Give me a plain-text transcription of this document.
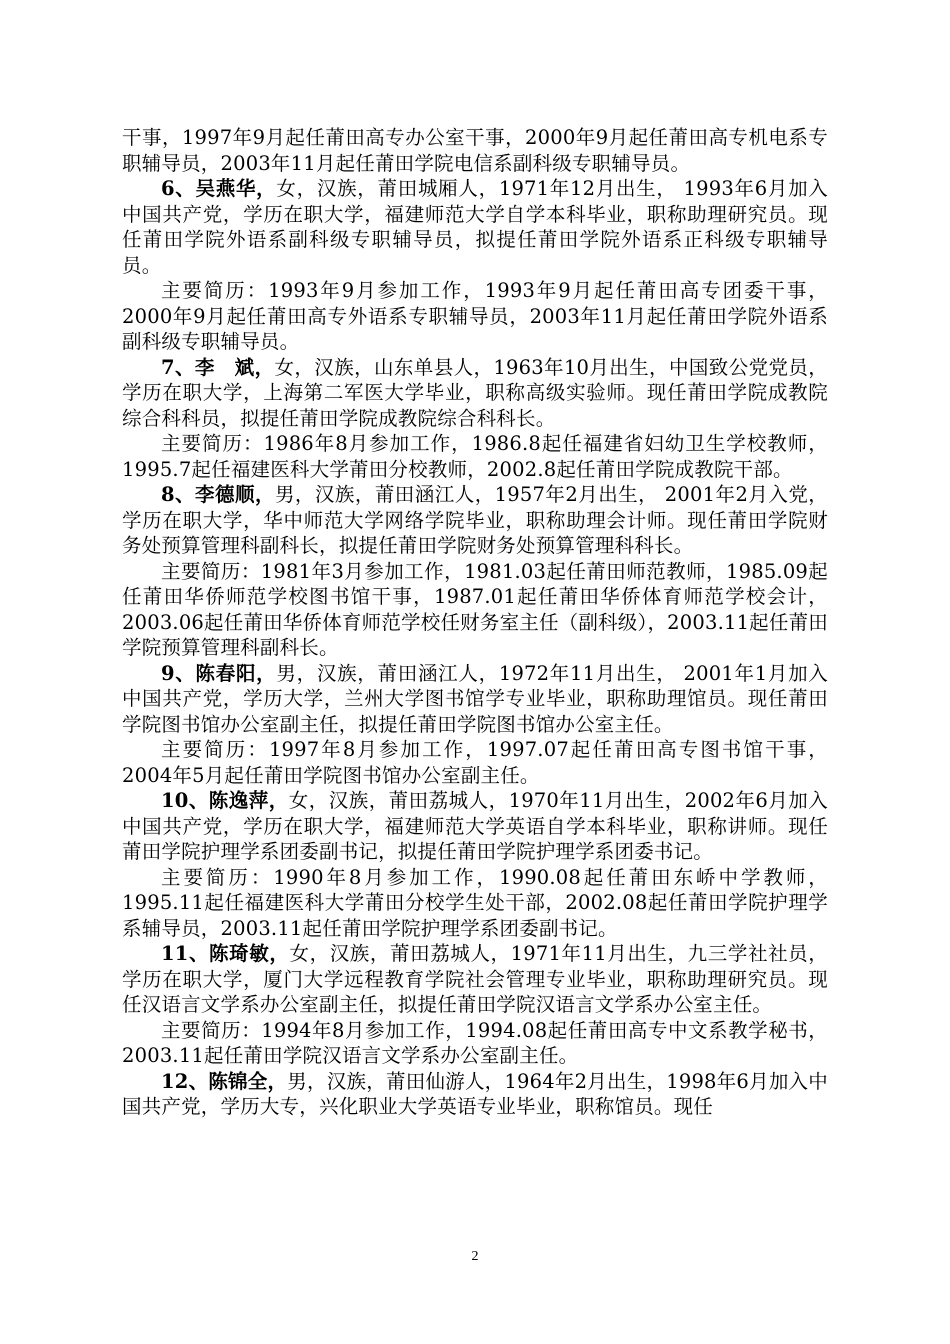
干事，1997年9月起任莆田高专办公室干事，2000年9月起任莆田高专机电系专职辅导员，2003年11月起任莆田学院电信系副科级专职辅导员。

6、吴燕华，女，汉族，莆田城厢人，1971年12月出生， 1993年6月加入中国共产党，学历在职大学，福建师范大学自学本科毕业，职称助理研究员。现任莆田学院外语系副科级专职辅导员，拟提任莆田学院外语系正科级专职辅导员。

主要简历：1993年9月参加工作，1993年9月起任莆田高专团委干事，2000年9月起任莆田高专外语系专职辅导员，2003年11月起任莆田学院外语系副科级专职辅导员。

7、李　斌，女，汉族，山东单县人，1963年10月出生，中国致公党党员，学历在职大学，上海第二军医大学毕业，职称高级实验师。现任莆田学院成教院综合科科员，拟提任莆田学院成教院综合科科长。

主要简历：1986年8月参加工作，1986.8起任福建省妇幼卫生学校教师，1995.7起任福建医科大学莆田分校教师，2002.8起任莆田学院成教院干部。

8、李德顺，男，汉族，莆田涵江人，1957年2月出生， 2001年2月入党，学历在职大学，华中师范大学网络学院毕业，职称助理会计师。现任莆田学院财务处预算管理科副科长，拟提任莆田学院财务处预算管理科科长。

主要简历：1981年3月参加工作，1981.03起任莆田师范教师，1985.09起任莆田华侨师范学校图书馆干事，1987.01起任莆田华侨体育师范学校会计，2003.06起任莆田华侨体育师范学校任财务室主任（副科级），2003.11起任莆田学院预算管理科副科长。

9、陈春阳，男，汉族，莆田涵江人，1972年11月出生， 2001年1月加入中国共产党，学历大学，兰州大学图书馆学专业毕业，职称助理馆员。现任莆田学院图书馆办公室副主任，拟提任莆田学院图书馆办公室主任。

主要简历：1997年8月参加工作，1997.07起任莆田高专图书馆干事，2004年5月起任莆田学院图书馆办公室副主任。

10、陈逸萍，女，汉族，莆田荔城人，1970年11月出生，2002年6月加入中国共产党，学历在职大学，福建师范大学英语自学本科毕业，职称讲师。现任莆田学院护理学系团委副书记，拟提任莆田学院护理学系团委书记。

主要简历：1990年8月参加工作，1990.08起任莆田东峤中学教师，1995.11起任福建医科大学莆田分校学生处干部，2002.08起任莆田学院护理学系辅导员，2003.11起任莆田学院护理学系团委副书记。

11、陈琦敏，女，汉族，莆田荔城人，1971年11月出生，九三学社社员，学历在职大学，厦门大学远程教育学院社会管理专业毕业，职称助理研究员。现任汉语言文学系办公室副主任，拟提任莆田学院汉语言文学系办公室主任。

主要简历：1994年8月参加工作，1994.08起任莆田高专中文系教学秘书，2003.11起任莆田学院汉语言文学系办公室副主任。

12、陈锦全，男，汉族，莆田仙游人，1964年2月出生，1998年6月加入中国共产党，学历大专，兴化职业大学英语专业毕业，职称馆员。现任

2
